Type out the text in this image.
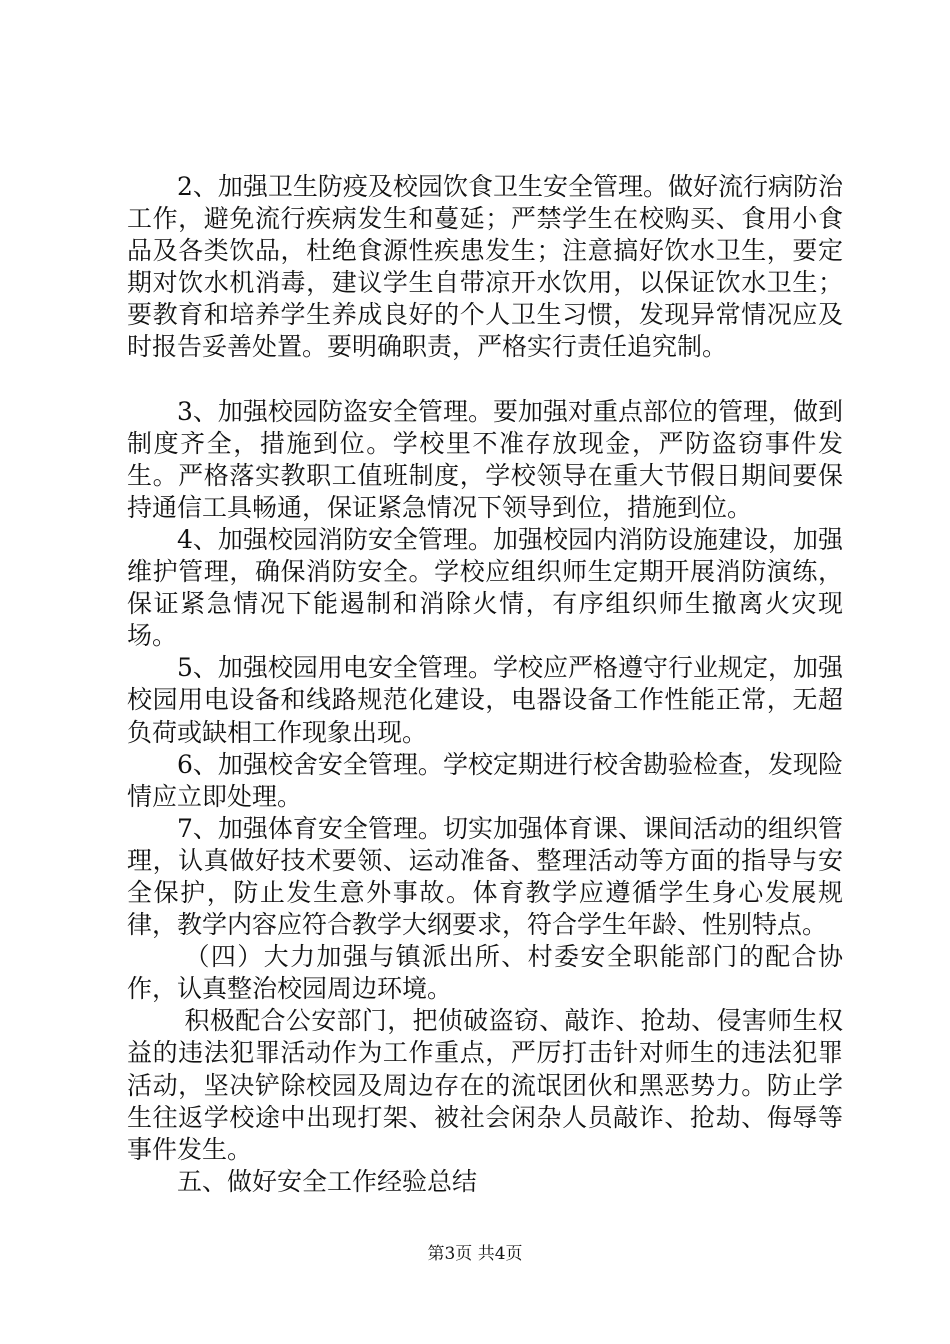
2、加强卫生防疫及校园饮食卫生安全管理。做好流行病防治工作，避免流行疾病发生和蔓延；严禁学生在校购买、食用小食品及各类饮品，杜绝食源性疾患发生；注意搞好饮水卫生，要定期对饮水机消毒，建议学生自带凉开水饮用，以保证饮水卫生；要教育和培养学生养成良好的个人卫生习惯，发现异常情况应及时报告妥善处置。要明确职责，严格实行责任追究制。

3、加强校园防盗安全管理。要加强对重点部位的管理，做到制度齐全，措施到位。学校里不准存放现金，严防盗窃事件发生。严格落实教职工值班制度，学校领导在重大节假日期间要保持通信工具畅通，保证紧急情况下领导到位，措施到位。

4、加强校园消防安全管理。加强校园内消防设施建设，加强维护管理，确保消防安全。学校应组织师生定期开展消防演练，保证紧急情况下能遏制和消除火情，有序组织师生撤离火灾现场。

5、加强校园用电安全管理。学校应严格遵守行业规定，加强校园用电设备和线路规范化建设，电器设备工作性能正常，无超负荷或缺相工作现象出现。

6、加强校舍安全管理。学校定期进行校舍勘验检查，发现险情应立即处理。

7、加强体育安全管理。切实加强体育课、课间活动的组织管理，认真做好技术要领、运动准备、整理活动等方面的指导与安全保护，防止发生意外事故。体育教学应遵循学生身心发展规律，教学内容应符合教学大纲要求，符合学生年龄、性别特点。

（四）大力加强与镇派出所、村委安全职能部门的配合协作，认真整治校园周边环境。

积极配合公安部门，把侦破盗窃、敲诈、抢劫、侵害师生权益的违法犯罪活动作为工作重点，严厉打击针对师生的违法犯罪活动，坚决铲除校园及周边存在的流氓团伙和黑恶势力。防止学生往返学校途中出现打架、被社会闲杂人员敲诈、抢劫、侮辱等事件发生。

五、做好安全工作经验总结

第3页 共4页
